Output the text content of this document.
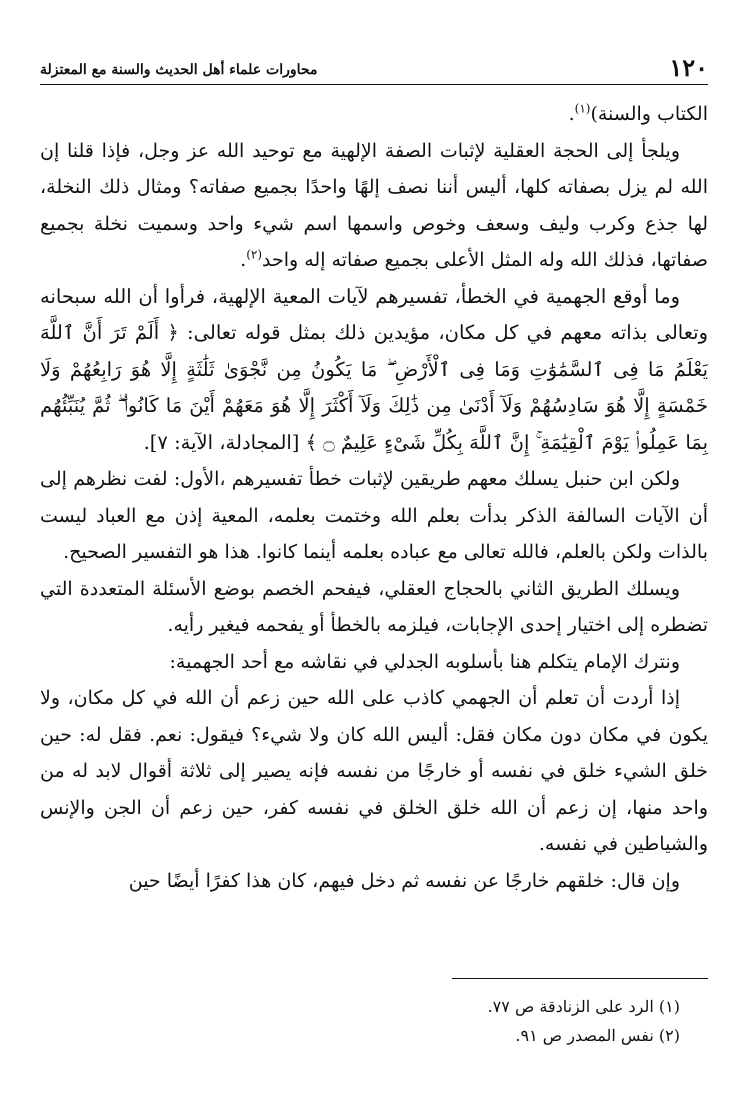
١٢٠
محاورات علماء أهل الحديث والسنة مع المعتزلة

الكتاب والسنة)$^{(١)}$.

ويلجأ إلى الحجة العقلية لإثبات الصفة الإلهية مع توحيد الله عز وجل، فإذا قلنا إن الله لم يزل بصفاته كلها، أليس أننا نصف إلهًا واحدًا بجميع صفاته؟ ومثال ذلك النخلة، لها جذع وكرب وليف وسعف وخوص واسمها اسم شيء واحد وسميت نخلة بجميع صفاتها، فذلك الله وله المثل الأعلى بجميع صفاته إله واحد$^{(٢)}$.

وما أوقع الجهمية في الخطأ، تفسيرهم لآيات المعية الإلهية، فرأوا أن الله سبحانه وتعالى بذاته معهم في كل مكان، مؤيدين ذلك بمثل قوله تعالى: ﴿ أَلَمْ تَرَ أَنَّ ٱللَّهَ يَعْلَمُ مَا فِى ٱلسَّمَٰوَٰتِ وَمَا فِى ٱلْأَرْضِ ۖ مَا يَكُونُ مِن نَّجْوَىٰ ثَلَٰثَةٍ إِلَّا هُوَ رَابِعُهُمْ وَلَا خَمْسَةٍ إِلَّا هُوَ سَادِسُهُمْ وَلَآ أَدْنَىٰ مِن ذَٰلِكَ وَلَآ أَكْثَرَ إِلَّا هُوَ مَعَهُمْ أَيْنَ مَا كَانُوا۟ ۖ ثُمَّ يُنَبِّئُهُم بِمَا عَمِلُوا۟ يَوْمَ ٱلْقِيَٰمَةِ ۚ إِنَّ ٱللَّهَ بِكُلِّ شَىْءٍ عَلِيمٌ ۝ ﴾ [المجادلة، الآية: ٧].

ولكن ابن حنبل يسلك معهم طريقين لإثبات خطأ تفسيرهم ،الأول: لفت نظرهم إلى أن الآيات السالفة الذكر بدأت بعلم الله وختمت بعلمه، المعية إذن مع العباد ليست بالذات ولكن بالعلم، فالله تعالى مع عباده بعلمه أينما كانوا. هذا هو التفسير الصحيح.

ويسلك الطريق الثاني بالحجاج العقلي، فيفحم الخصم بوضع الأسئلة المتعددة التي تضطره إلى اختيار إحدى الإجابات، فيلزمه بالخطأ أو يفحمه فيغير رأيه.

ونترك الإمام يتكلم هنا بأسلوبه الجدلي في نقاشه مع أحد الجهمية:

إذا أردت أن تعلم أن الجهمي كاذب على الله حين زعم أن الله في كل مكان، ولا يكون في مكان دون مكان فقل: أليس الله كان ولا شيء؟ فيقول: نعم. فقل له: حين خلق الشيء خلق في نفسه أو خارجًا من نفسه فإنه يصير إلى ثلاثة أقوال لابد له من واحد منها، إن زعم أن الله خلق الخلق في نفسه كفر، حين زعم أن الجن والإنس والشياطين في نفسه.

وإن قال: خلقهم خارجًا عن نفسه ثم دخل فيهم، كان هذا كفرًا أيضًا حين

(١) الرد على الزنادقة ص ٧٧.
(٢) نفس المصدر ص ٩١.
